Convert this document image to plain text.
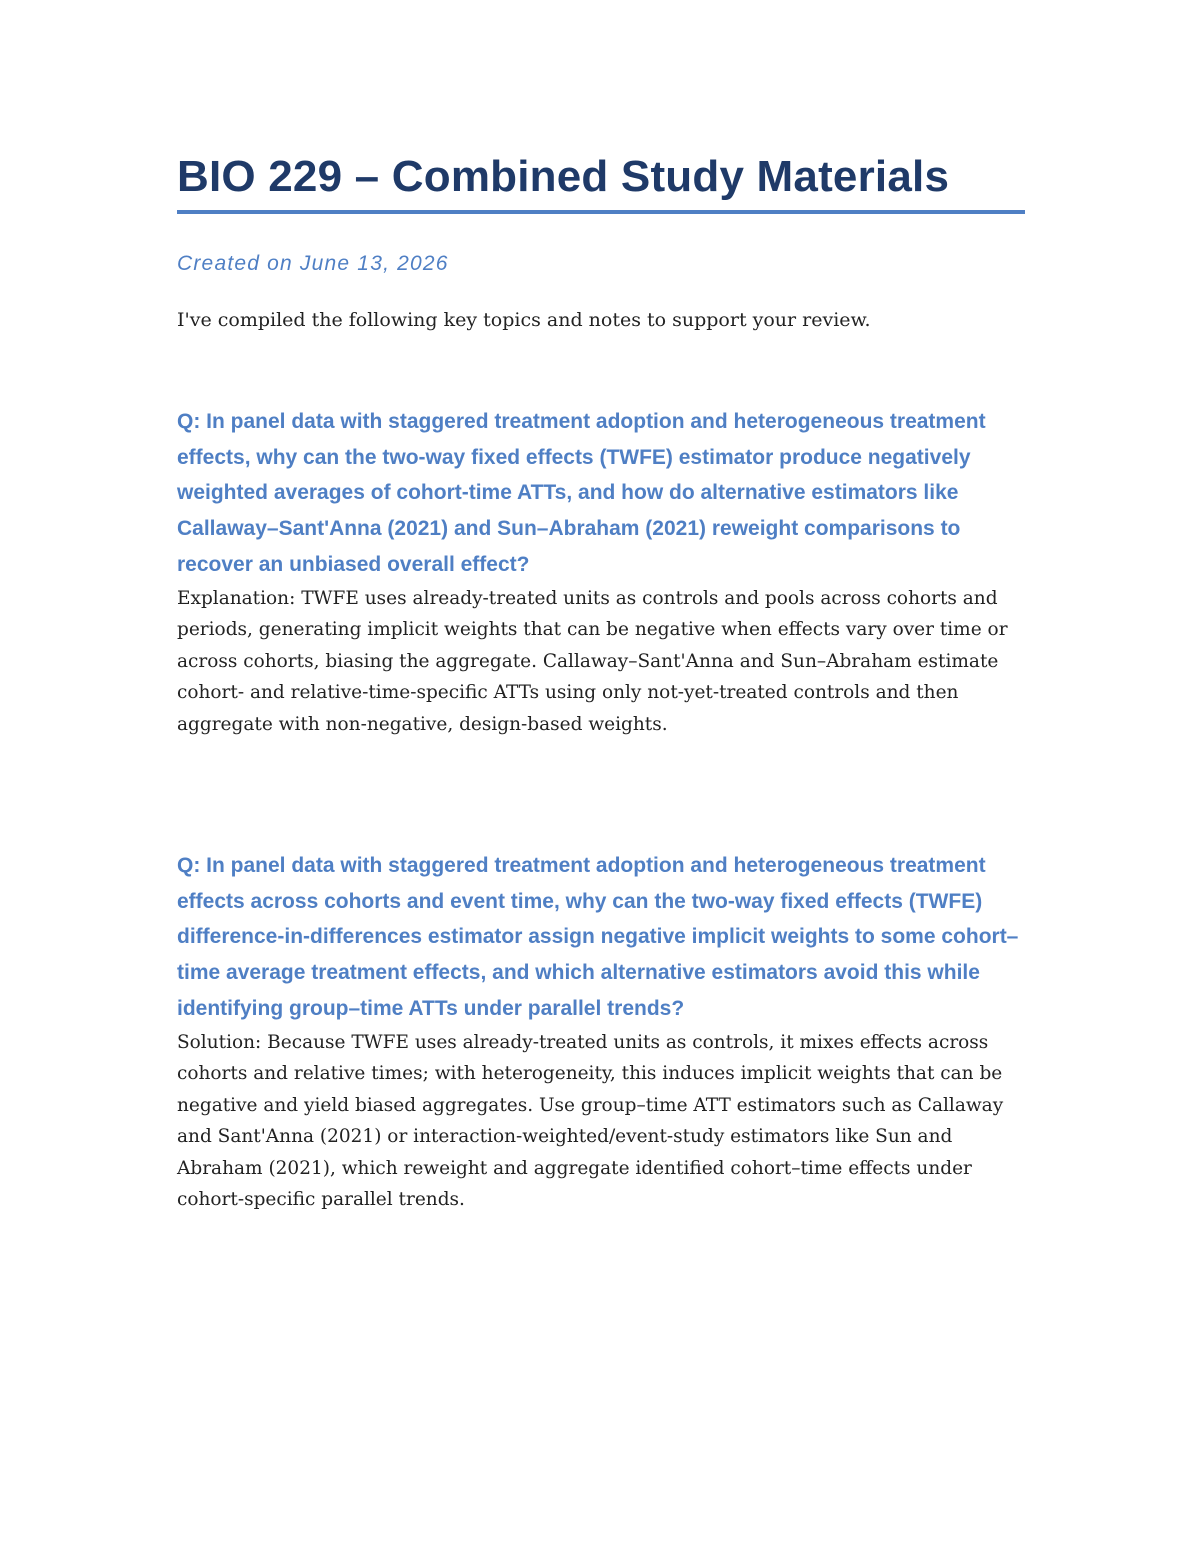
BIO 229 – Combined Study Materials

Created on June 13, 2026

I've compiled the following key topics and notes to support your review.

Q: In panel data with staggered treatment adoption and heterogeneous treatment effects, why can the two-way fixed effects (TWFE) estimator produce negatively weighted averages of cohort-time ATTs, and how do alternative estimators like Callaway–Sant'Anna (2021) and Sun–Abraham (2021) reweight comparisons to recover an unbiased overall effect?

Explanation: TWFE uses already-treated units as controls and pools across cohorts and periods, generating implicit weights that can be negative when effects vary over time or across cohorts, biasing the aggregate. Callaway–Sant'Anna and Sun–Abraham estimate cohort- and relative-time-specific ATTs using only not-yet-treated controls and then aggregate with non-negative, design-based weights.

Q: In panel data with staggered treatment adoption and heterogeneous treatment effects across cohorts and event time, why can the two-way fixed effects (TWFE) difference-in-differences estimator assign negative implicit weights to some cohort–time average treatment effects, and which alternative estimators avoid this while identifying group–time ATTs under parallel trends?

Solution: Because TWFE uses already-treated units as controls, it mixes effects across cohorts and relative times; with heterogeneity, this induces implicit weights that can be negative and yield biased aggregates. Use group–time ATT estimators such as Callaway and Sant'Anna (2021) or interaction-weighted/event-study estimators like Sun and Abraham (2021), which reweight and aggregate identified cohort–time effects under cohort-specific parallel trends.
